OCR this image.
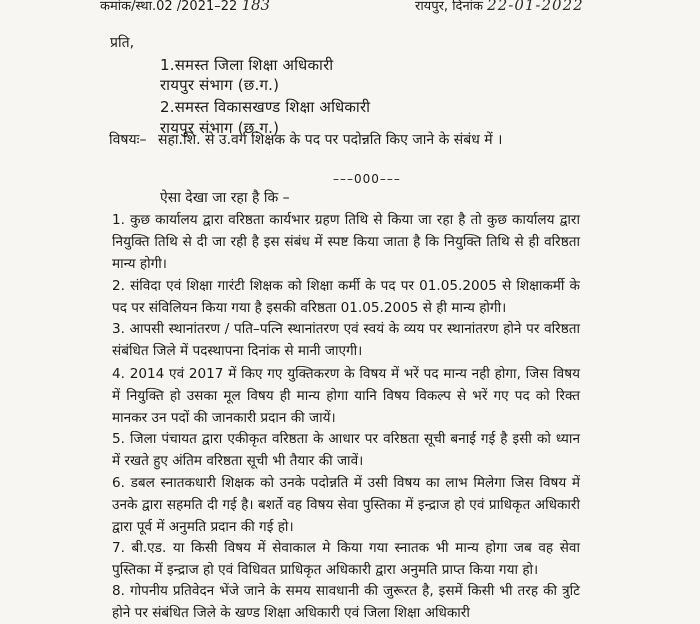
कमांक/स्था.02 /2021–22 183	रायपुर, दिनांक 22-01-2022
प्रति,
1.समस्त जिला शिक्षा अधिकारी
रायपुर संभाग (छ.ग.)
2.समस्त विकासखण्ड शिक्षा अधिकारी
रायपुर संभाग (छ.ग.)
विषयः– सहा.शि. से उ.वर्ग शिक्षक के पद पर पदोन्नति किए जाने के संबंध में ।
–––000–––
ऐसा देखा जा रहा है कि –

1. कुछ कार्यालय द्वारा वरिष्ठता कार्यभार ग्रहण तिथि से किया जा रहा है तो कुछ कार्यालय द्वारा नियुक्ति तिथि से दी जा रही है इस संबंध में स्पष्ट किया जाता है कि नियुक्ति तिथि से ही वरिष्ठता मान्य होगी।

2. संविदा एवं शिक्षा गारंटी शिक्षक को शिक्षा कर्मी के पद पर 01.05.2005 से शिक्षाकर्मी के पद पर संविलियन किया गया है इसकी वरिष्ठता 01.05.2005 से ही मान्य होगी।

3. आपसी स्थानांतरण / पति–पत्नि स्थानांतरण एवं स्वयं के व्यय पर स्थानांतरण होने पर वरिष्ठता संबंधित जिले में पदस्थापना दिनांक से मानी जाएगी।

4. 2014 एवं 2017 में किए गए युक्तिकरण के विषय में भरें पद मान्य नही होगा, जिस विषय में नियुक्ति हो उसका मूल विषय ही मान्य होगा यानि विषय विकल्प से भरें गए पद को रिक्त मानकर उन पदों की जानकारी प्रदान की जायें।

5. जिला पंचायत द्वारा एकीकृत वरिष्ठता के आधार पर वरिष्ठता सूची बनाई गई है इसी को ध्यान में रखते हुए अंतिम वरिष्ठता सूची भी तैयार की जावें।

6. डबल स्नातकधारी शिक्षक को उनके पदोन्नति में उसी विषय का लाभ मिलेगा जिस विषय में उनके द्वारा सहमति दी गई है। बशर्ते वह विषय सेवा पुस्तिका में इन्द्राज हो एवं प्राधिकृत अधिकारी द्वारा पूर्व में अनुमति प्रदान की गई हो।

7. बी.एड. या किसी विषय में सेवाकाल मे किया गया स्नातक भी मान्य होगा जब वह सेवा पुस्तिका में इन्द्राज हो एवं विधिवत प्राधिकृत अधिकारी द्वारा अनुमति प्राप्त किया गया हो।

8. गोपनीय प्रतिवेदन भेंजे जाने के समय सावधानी की जुरूरत है, इसमें किसी भी तरह की त्रुटि होने पर संबंधित जिले के खण्ड शिक्षा अधिकारी एवं जिला शिक्षा अधिकारी
